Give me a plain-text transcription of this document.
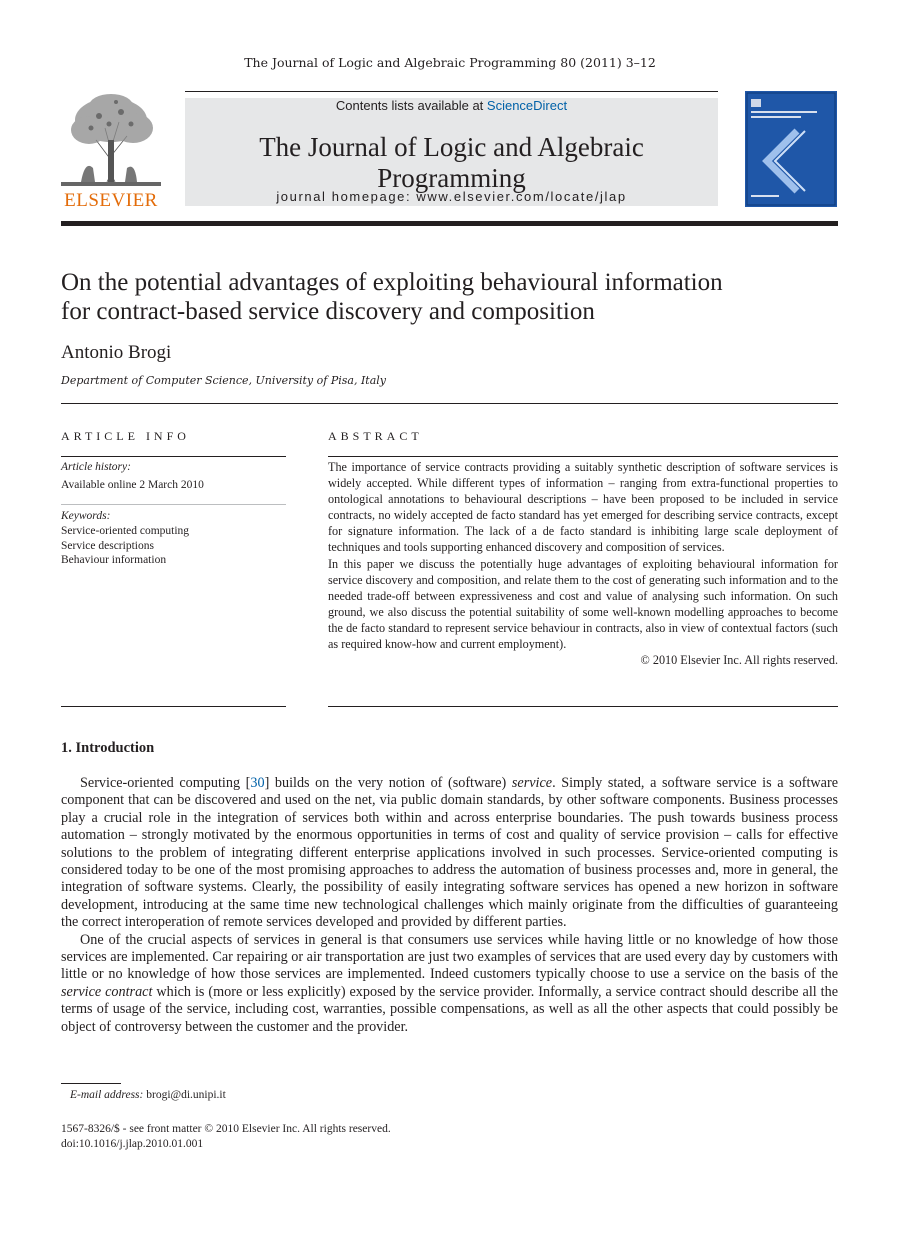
The Journal of Logic and Algebraic Programming 80 (2011) 3–12
ELSEVIER
Contents lists available at ScienceDirect
The Journal of Logic and Algebraic Programming
journal homepage: www.elsevier.com/locate/jlap
On the potential advantages of exploiting behavioural information
for contract-based service discovery and composition
Antonio Brogi
Department of Computer Science, University of Pisa, Italy
ARTICLE INFO
Article history:
Available online 2 March 2010
Keywords:
Service-oriented computing
Service descriptions
Behaviour information
ABSTRACT

The importance of service contracts providing a suitably synthetic description of software services is widely accepted. While different types of information – ranging from extra-functional properties to ontological annotations to behavioural descriptions – have been proposed to be included in service contracts, no widely accepted de facto standard has yet emerged for describing service contracts, except for signature information. The lack of a de facto standard is inhibiting large scale deployment of techniques and tools supporting enhanced discovery and composition of services.

In this paper we discuss the potentially huge advantages of exploiting behavioural information for service discovery and composition, and relate them to the cost of generating such information and to the needed trade-off between expressiveness and cost and value of analysing such information. On such ground, we also discuss the potential suitability of some well-known modelling approaches to become the de facto standard to represent service behaviour in contracts, also in view of contextual factors (such as required know-how and current employment).

© 2010 Elsevier Inc. All rights reserved.

1. Introduction

Service-oriented computing [30] builds on the very notion of (software) service. Simply stated, a software service is a software component that can be discovered and used on the net, via public domain standards, by other software components. Business processes play a crucial role in the integration of services both within and across enterprise boundaries. The push towards business process automation – strongly motivated by the enormous opportunities in terms of cost and quality of service provision – calls for effective solutions to the problem of integrating different enterprise applications involved in such processes. Service-oriented computing is considered today to be one of the most promising approaches to address the automation of business processes and, more in general, the integration of software systems. Clearly, the possibility of easily integrating software services has opened a new horizon in software development, introducing at the same time new technological challenges which mainly originate from the difficulties of guaranteeing the correct interoperation of remote services developed and provided by different parties.

One of the crucial aspects of services in general is that consumers use services while having little or no knowledge of how those services are implemented. Car repairing or air transportation are just two examples of services that are used every day by customers with little or no knowledge of how those services are implemented. Indeed customers typically choose to use a service on the basis of the service contract which is (more or less explicitly) exposed by the service provider. Informally, a service contract should describe all the terms of usage of the service, including cost, warranties, possible compensations, as well as all the other aspects that could possibly be object of controversy between the customer and the provider.

E-mail address: brogi@di.unipi.it
1567-8326/$ - see front matter © 2010 Elsevier Inc. All rights reserved.
doi:10.1016/j.jlap.2010.01.001
